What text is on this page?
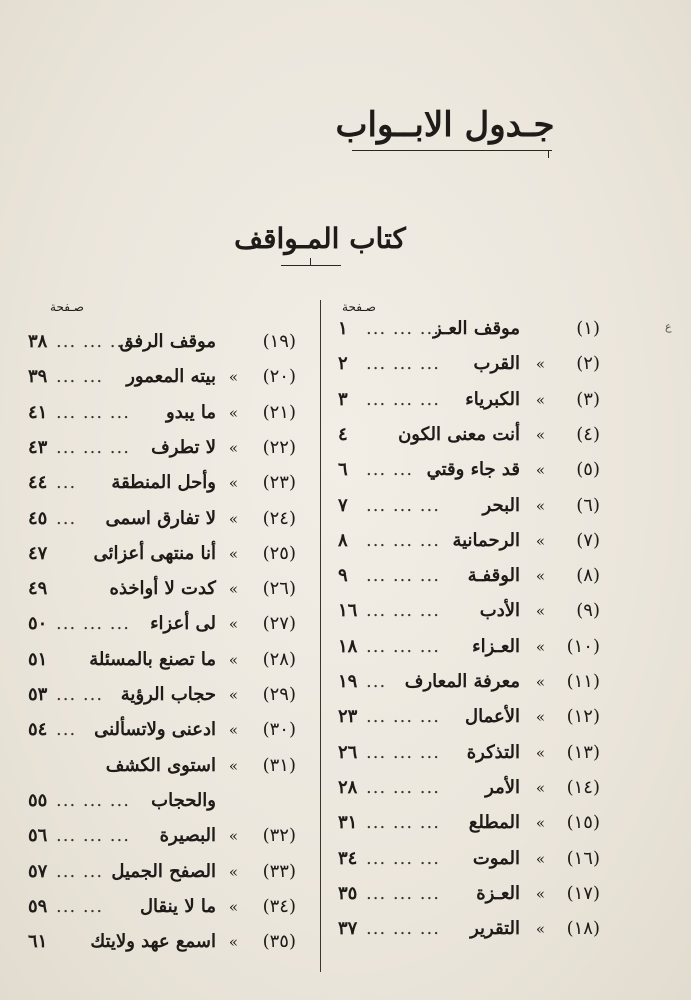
جـدول الابــواب
كتاب المـواقف
صـفحة
صـفحة
(١)
موقف العـز
١ ... ... ...
(٢)
»
القرب
٢ ... ... ...
(٣)
»
الكبرياء
٣ ... ... ...
(٤)
»
أنت معنى الكون
٤
(٥)
»
قد جاء وقتي
٦ ... ...
(٦)
»
البحر
٧ ... ... ...
(٧)
»
الرحمانية
٨ ... ... ...
(٨)
»
الوقفـة
٩ ... ... ...
(٩)
»
الأدب
١٦ ... ... ...
(١٠)
»
العـزاء
١٨ ... ... ...
(١١)
»
معرفة المعارف
١٩ ...
(١٢)
»
الأعمال
٢٣ ... ... ...
(١٣)
»
التذكرة
٢٦ ... ... ...
(١٤)
»
الأمر
٢٨ ... ... ...
(١٥)
»
المطلع
٣١ ... ... ...
(١٦)
»
الموت
٣٤ ... ... ...
(١٧)
»
العـزة
٣٥ ... ... ...
(١٨)
»
التقرير
٣٧ ... ... ...
(١٩)
موقف الرفق
٣٨ ... ... ...
(٢٠)
»
بيته المعمور
٣٩ ... ...
(٢١)
»
ما يبدو
٤١ ... ... ...
(٢٢)
»
لا تطرف
٤٣ ... ... ...
(٢٣)
»
وأحل المنطقة
٤٤ ...
(٢٤)
»
لا تفارق اسمى
٤٥ ...
(٢٥)
»
أنا منتهى أعزائى
٤٧
(٢٦)
»
كدت لا أواخذه
٤٩
(٢٧)
»
لى أعزاء
٥٠ ... ... ...
(٢٨)
»
ما تصنع بالمسئلة
٥١
(٢٩)
»
حجاب الرؤية
٥٣ ... ...
(٣٠)
»
ادعنى ولاتسألنى
٥٤ ...
(٣١)
»
استوى الكشف
والحجاب
٥٥ ... ... ...
(٣٢)
»
البصيرة
٥٦ ... ... ...
(٣٣)
»
الصفح الجميل
٥٧ ... ...
(٣٤)
»
ما لا ينقال
٥٩ ... ...
(٣٥)
»
اسمع عهد ولايتك
٦١
ع
